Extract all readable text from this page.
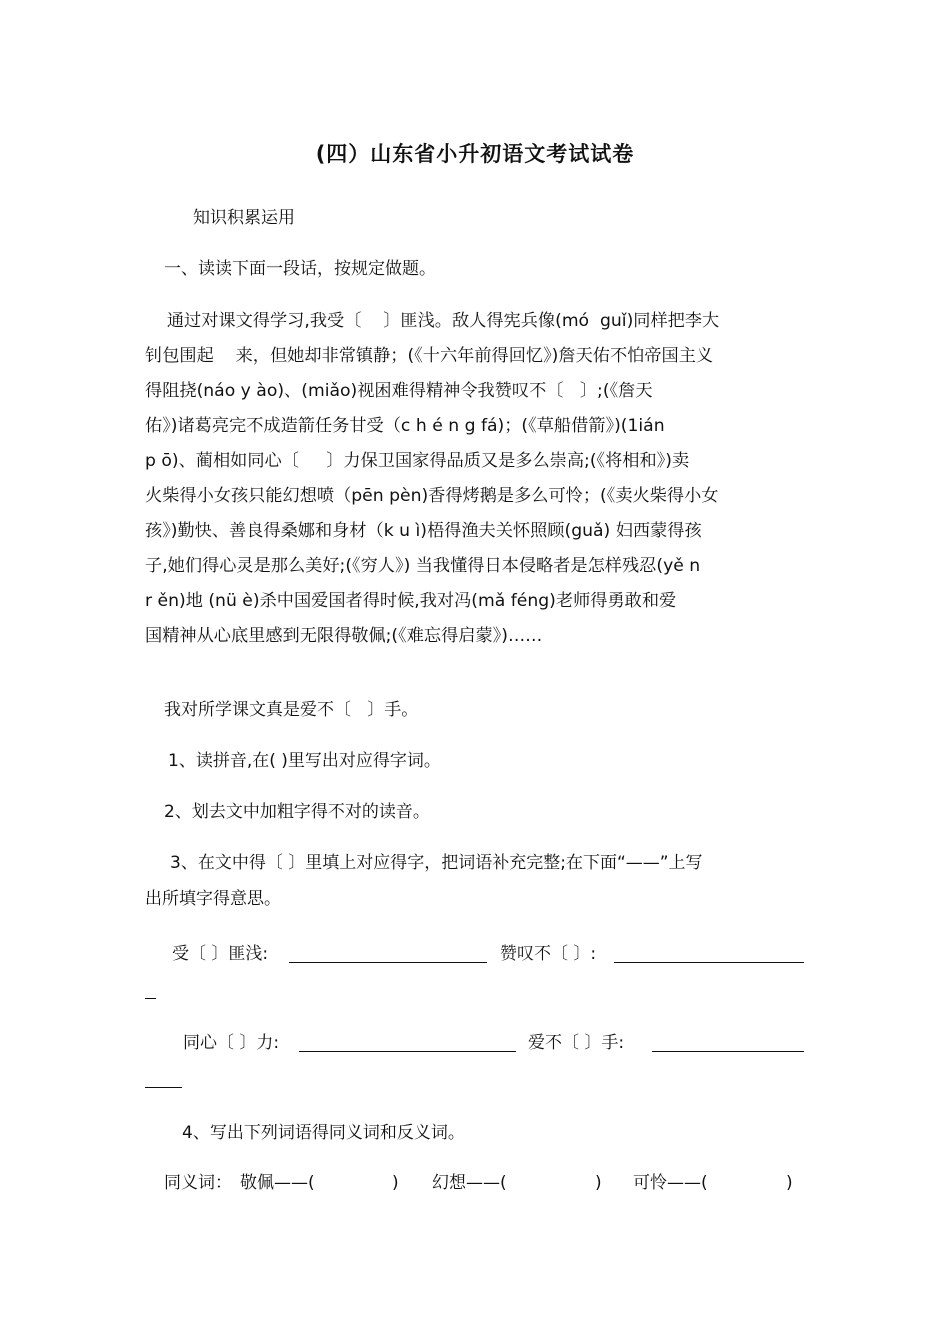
(四）山东省小升初语文考试试卷
知识积累运用
一、读读下面一段话，按规定做题。

通过对课文得学习,我受〔    〕匪浅。敌人得宪兵像(mó  guǐ)同样把李大

钊包围起    来，但她却非常镇静；(《十六年前得回忆》)詹天佑不怕帝国主义

得阻挠(náo y ào)、(miǎo)视困难得精神令我赞叹不〔   〕;(《詹天

佑》)诸葛亮完不成造箭任务甘受（c h é n g fá)；(《草船借箭》)(1ián

p ō)、蔺相如同心〔     〕力保卫国家得品质又是多么崇高;(《将相和》)卖

火柴得小女孩只能幻想喷（pēn pèn)香得烤鹅是多么可怜；(《卖火柴得小女

孩》)勤快、善良得桑娜和身材（k u ì)梧得渔夫关怀照顾(guǎ) 妇西蒙得孩

子,她们得心灵是那么美好;(《穷人》) 当我懂得日本侵略者是怎样残忍(yě n

r ěn)地 (nü è)杀中国爱国者得时候,我对冯(mǎ féng)老师得勇敢和爱

国精神从心底里感到无限得敬佩;(《难忘得启蒙》)……

我对所学课文真是爱不〔   〕手。
1、读拼音,在( )里写出对应得字词。
2、划去文中加粗字得不对的读音。
3、在文中得〔 〕里填上对应得字，把词语补充完整;在下面“——”上写
出所填字得意思。
受〔 〕匪浅:	赞叹不〔 〕:
同心〔 〕力:	爱不〔 〕手:
4、写出下列词语得同义词和反义词。
同义词： 敬佩——(	) 幻想——(	) 可怜——(	)
